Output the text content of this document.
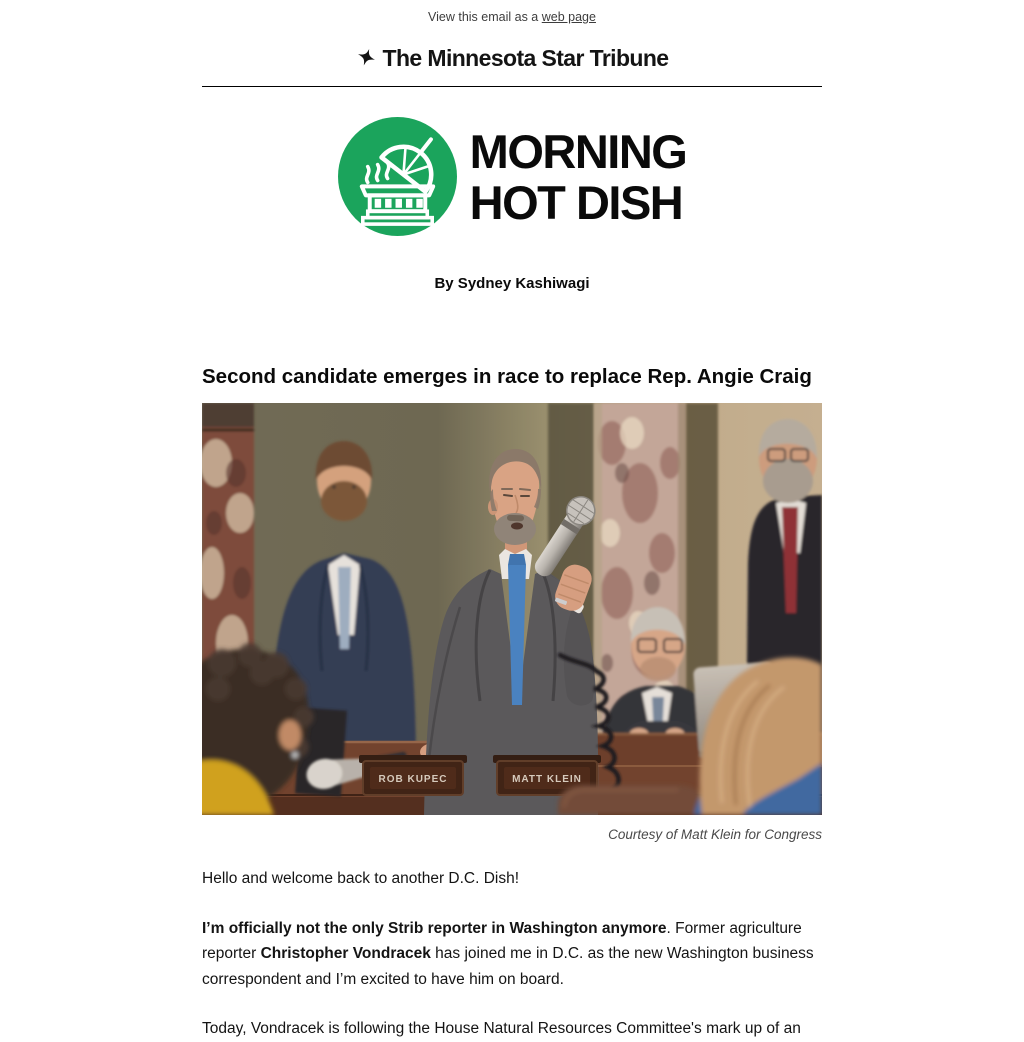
View this email as a web page
The Minnesota Star Tribune
MORNING
HOT DISH
By Sydney Kashiwagi
Second candidate emerges in race to replace Rep. Angie Craig
ROB KUPEC	MATT KLEIN
Courtesy of Matt Klein for Congress

Hello and welcome back to another D.C. Dish!

I’m officially not the only Strib reporter in Washington anymore. Former agriculture reporter Christopher Vondracek has joined me in D.C. as the new Washington business correspondent and I’m excited to have him on board.

Today, Vondracek is following the House Natural Resources Committee's mark up of an
